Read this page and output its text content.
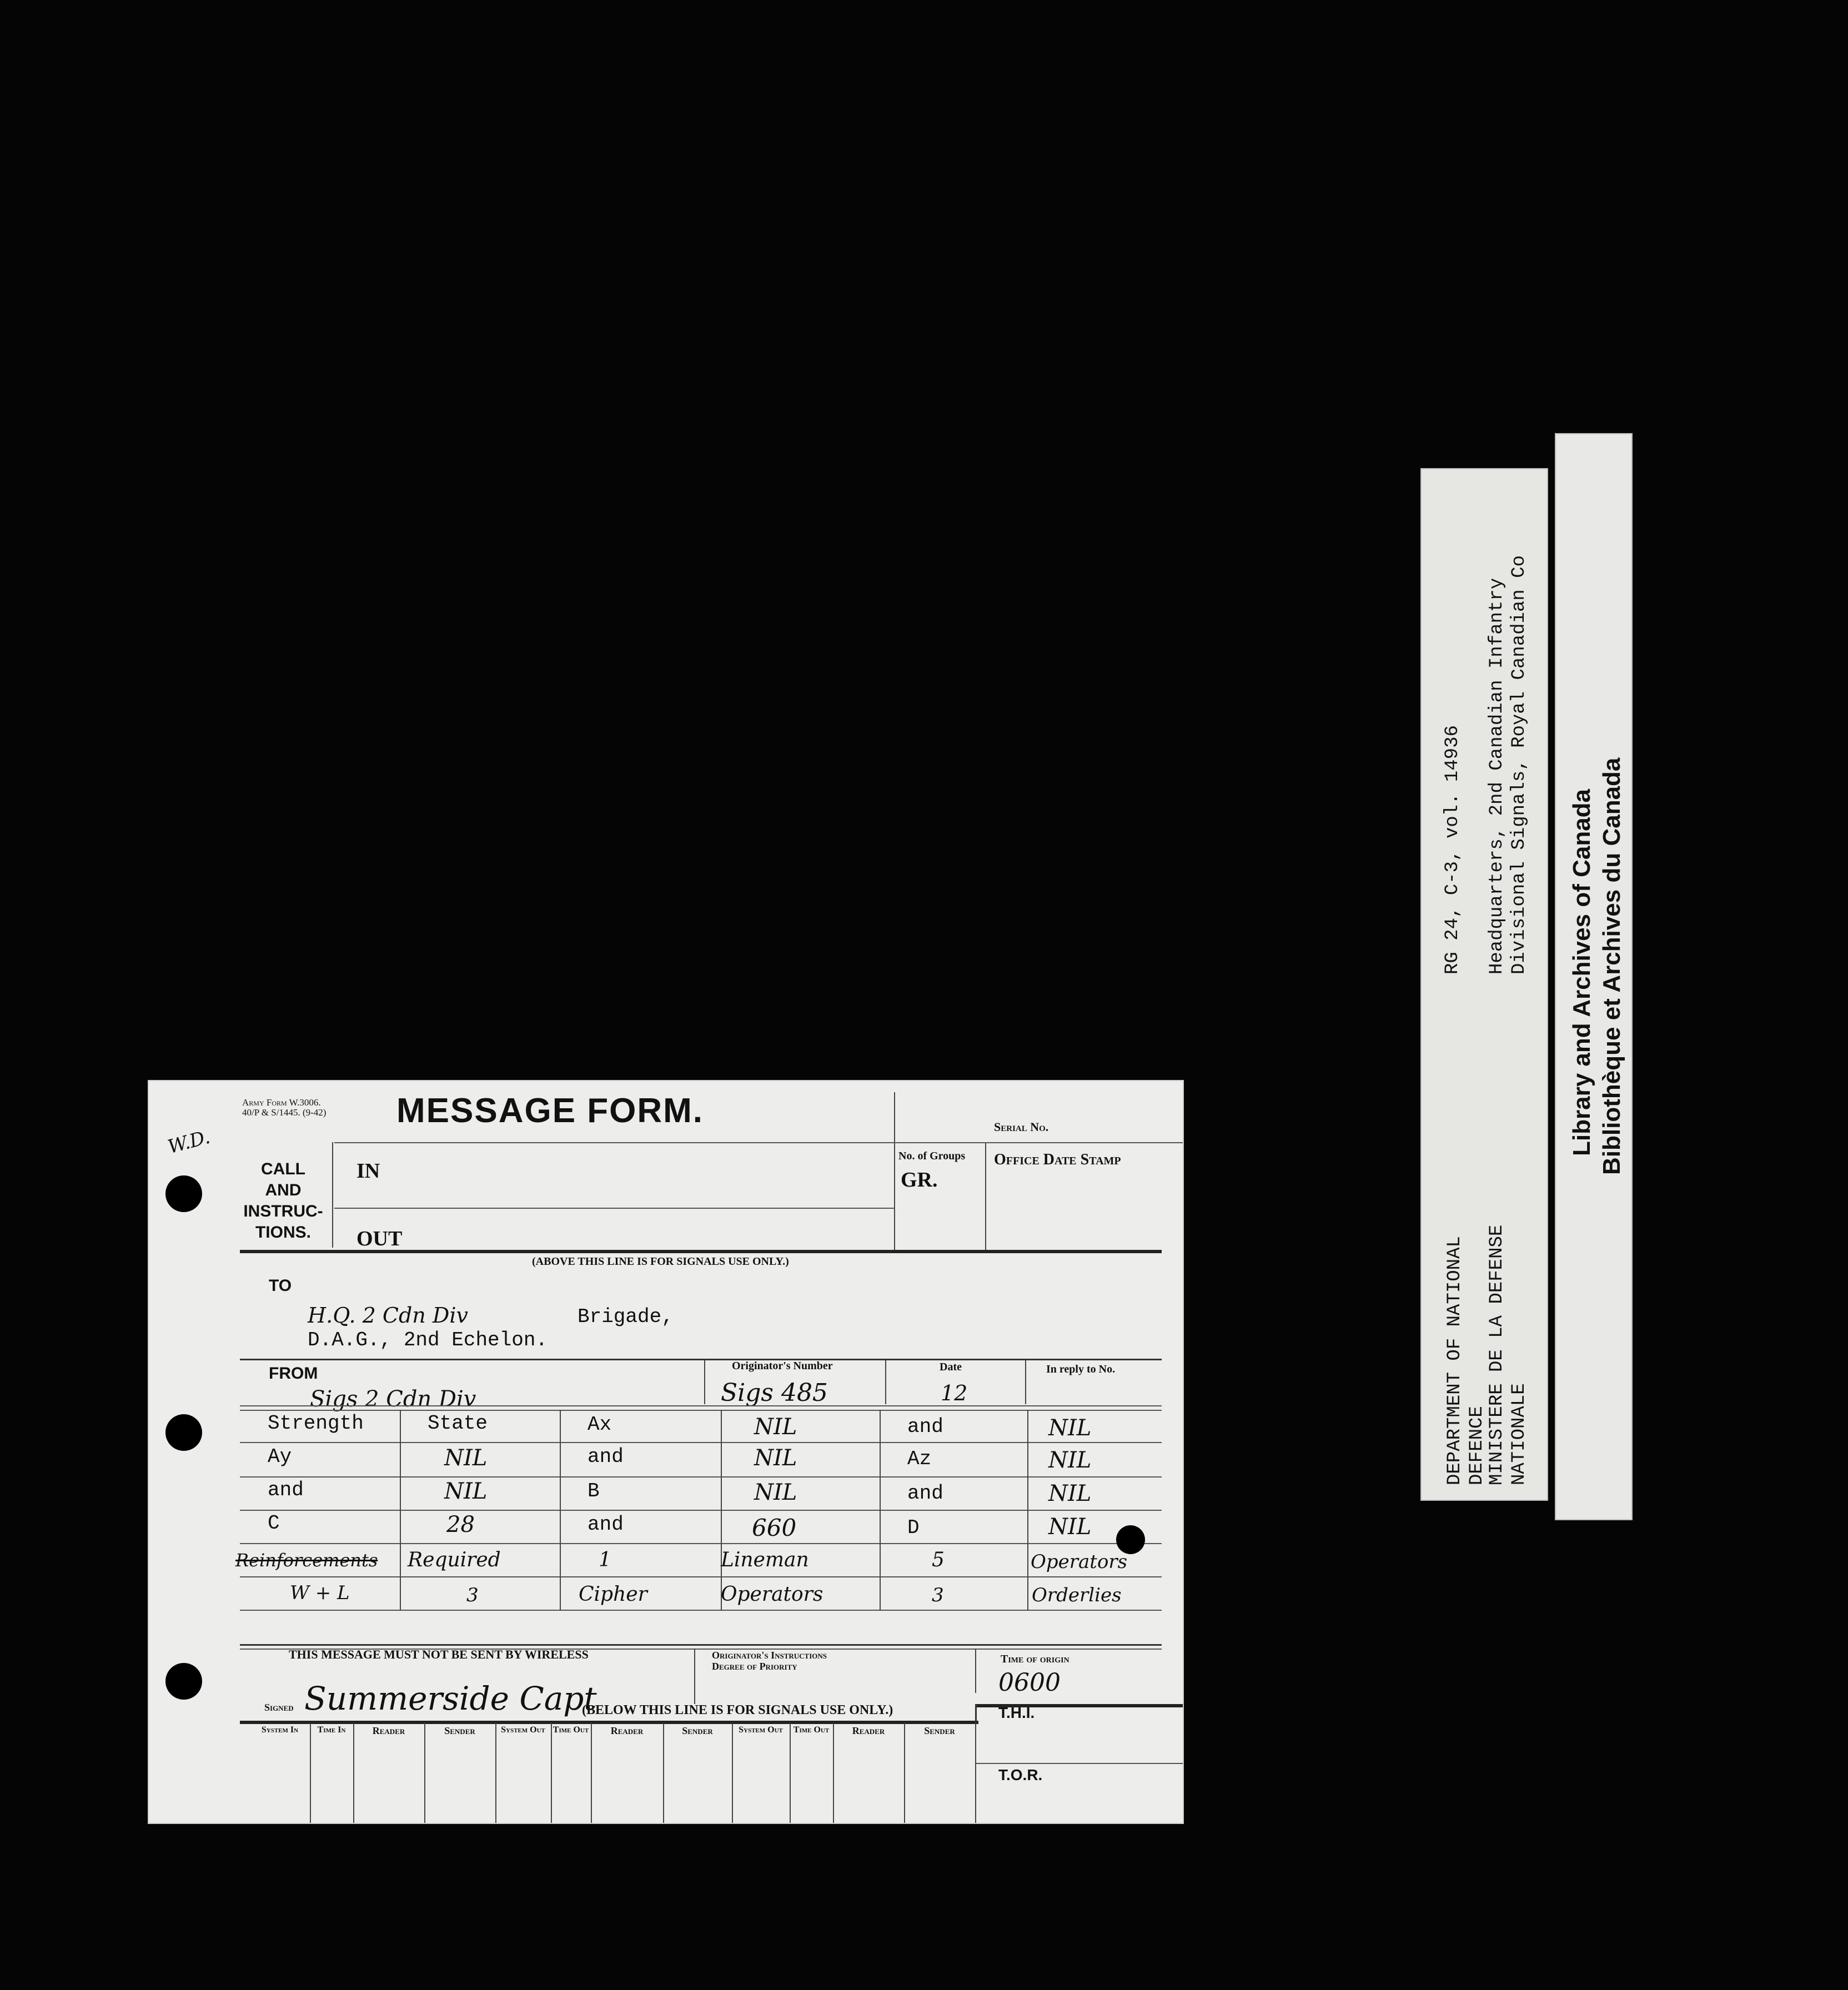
Army Form W.3006.
40/P & S/1445. (9-42) MESSAGE FORM.
W.D.	Serial No.
CALL
AND
INSTRUC-
TIONS.
IN
OUT
No. of Groups
GR.
Office Date Stamp
(ABOVE THIS LINE IS FOR SIGNALS USE ONLY.)
TO
H.Q. 2 Cdn Div	Brigade,
D.A.G., 2nd Echelon.
FROM
Sigs 2 Cdn Div
Originator's Number
Sigs 485
Date
12
In reply to No.
Strength	State	Ax	NIL	and	NIL
Ay	NIL	and	NIL	Az	NIL
and	NIL	B	NIL	and	NIL
C	28	and	660	D	NIL
Reinforcements Required	1	Lineman	5	Operators
W + L	3	Cipher	Operators	3	Orderlies
THIS MESSAGE MUST NOT BE SENT BY WIRELESS	Originator's Instructions
Degree of Priority
Time of origin
0600
Signed Summerside Capt
(BELOW THIS LINE IS FOR SIGNALS USE ONLY.)	T.H.I.
T.O.R.
System In	Time In	Reader	Sender	System Out Time Out	Reader	Sender	System Out	Time Out	Reader	Sender
RG 24, C-3, vol. 14936 Headquarters, 2nd Canadian Infantry Divisional Signals, Royal Canadian Co
DEPARTMENT OF NATIONAL DEFENCE
MINISTERE DE LA DEFENSE NATIONALE
Library and Archives of Canada Bibliothèque et Archives du Canada
